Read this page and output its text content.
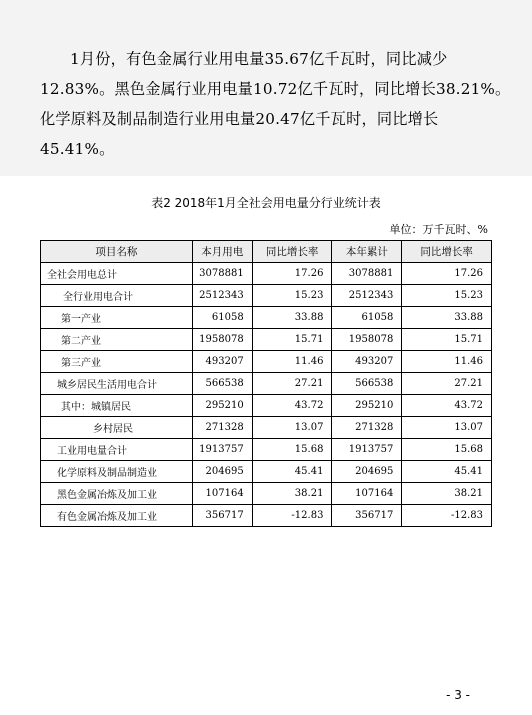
1月份，有色金属行业用电量35.67亿千瓦时，同比减少
12.83%。黑色金属行业用电量10.72亿千瓦时，同比增长38.21%。
化学原料及制品制造行业用电量20.47亿千瓦时，同比增长
45.41%。

表2 2018年1月全社会用电量分行业统计表

单位：万千瓦时、%
项目名称	本月用电	同比增长率	本年累计	同比增长率
全社会用电总计	3078881	17.26	3078881	17.26
全行业用电合计	2512343	15.23	2512343	15.23
第一产业	61058	33.88	61058	33.88
第二产业	1958078	15.71	1958078	15.71
第三产业	493207	11.46	493207	11.46
城乡居民生活用电合计	566538	27.21	566538	27.21
其中：城镇居民	295210	43.72	295210	43.72
乡村居民	271328	13.07	271328	13.07
工业用电量合计	1913757	15.68	1913757	15.68
化学原料及制品制造业	204695	45.41	204695	45.41
黑色金属冶炼及加工业	107164	38.21	107164	38.21
有色金属冶炼及加工业	356717	-12.83	356717	-12.83
- 3 -
